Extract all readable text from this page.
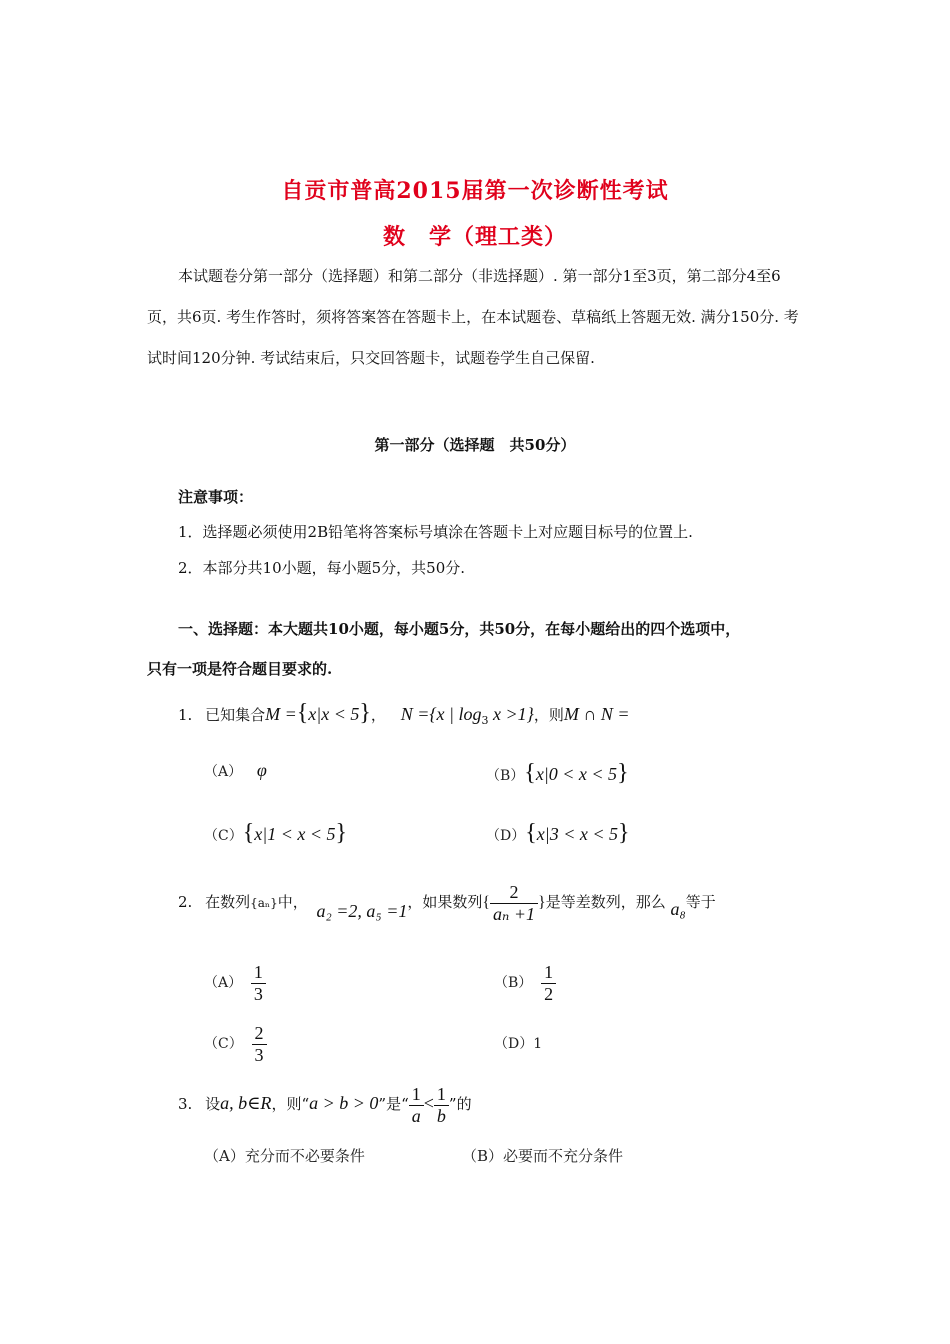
自贡市普高2015届第一次诊断性考试
数　学（理工类）
本试题卷分第一部分（选择题）和第二部分（非选择题）. 第一部分1至3页，第二部分4至6页，共6页. 考生作答时，须将答案答在答题卡上，在本试题卷、草稿纸上答题无效. 满分150分. 考试时间120分钟. 考试结束后，只交回答题卡，试题卷学生自己保留.
第一部分（选择题　共50分）
注意事项：
1．选择题必须使用2B铅笔将答案标号填涂在答题卡上对应题目标号的位置上.
2．本部分共10小题，每小题5分，共50分.
一、选择题：本大题共10小题，每小题5分，共50分，在每小题给出的四个选项中，
只有一项是符合题目要求的.
1. 已知集合M ={x|x < 5}， N ={x | $\log_3 x >1$}，则M ∩ N =
（A） φ	（B）{x|0 < x < 5}
（C）{x|1 < x < 5}	（D）{x|3 < x < 5}
2. 在数列{aₙ}中， a₂ =2, a₅ =1，如果数列{ $\frac{2}{\text{aₙ +1}}$ }是等差数列，那么 a₈等于
$(A) \frac{1}{3}$	$(B) \frac{1}{2}$
$(C) \frac{2}{3}$	（D）1
3. 设a, b∈R，则“a > b > 0”是“ $\frac{1}{a} < \frac{1}{b}$ ”的
（A）充分而不必要条件	（B）必要而不充分条件
